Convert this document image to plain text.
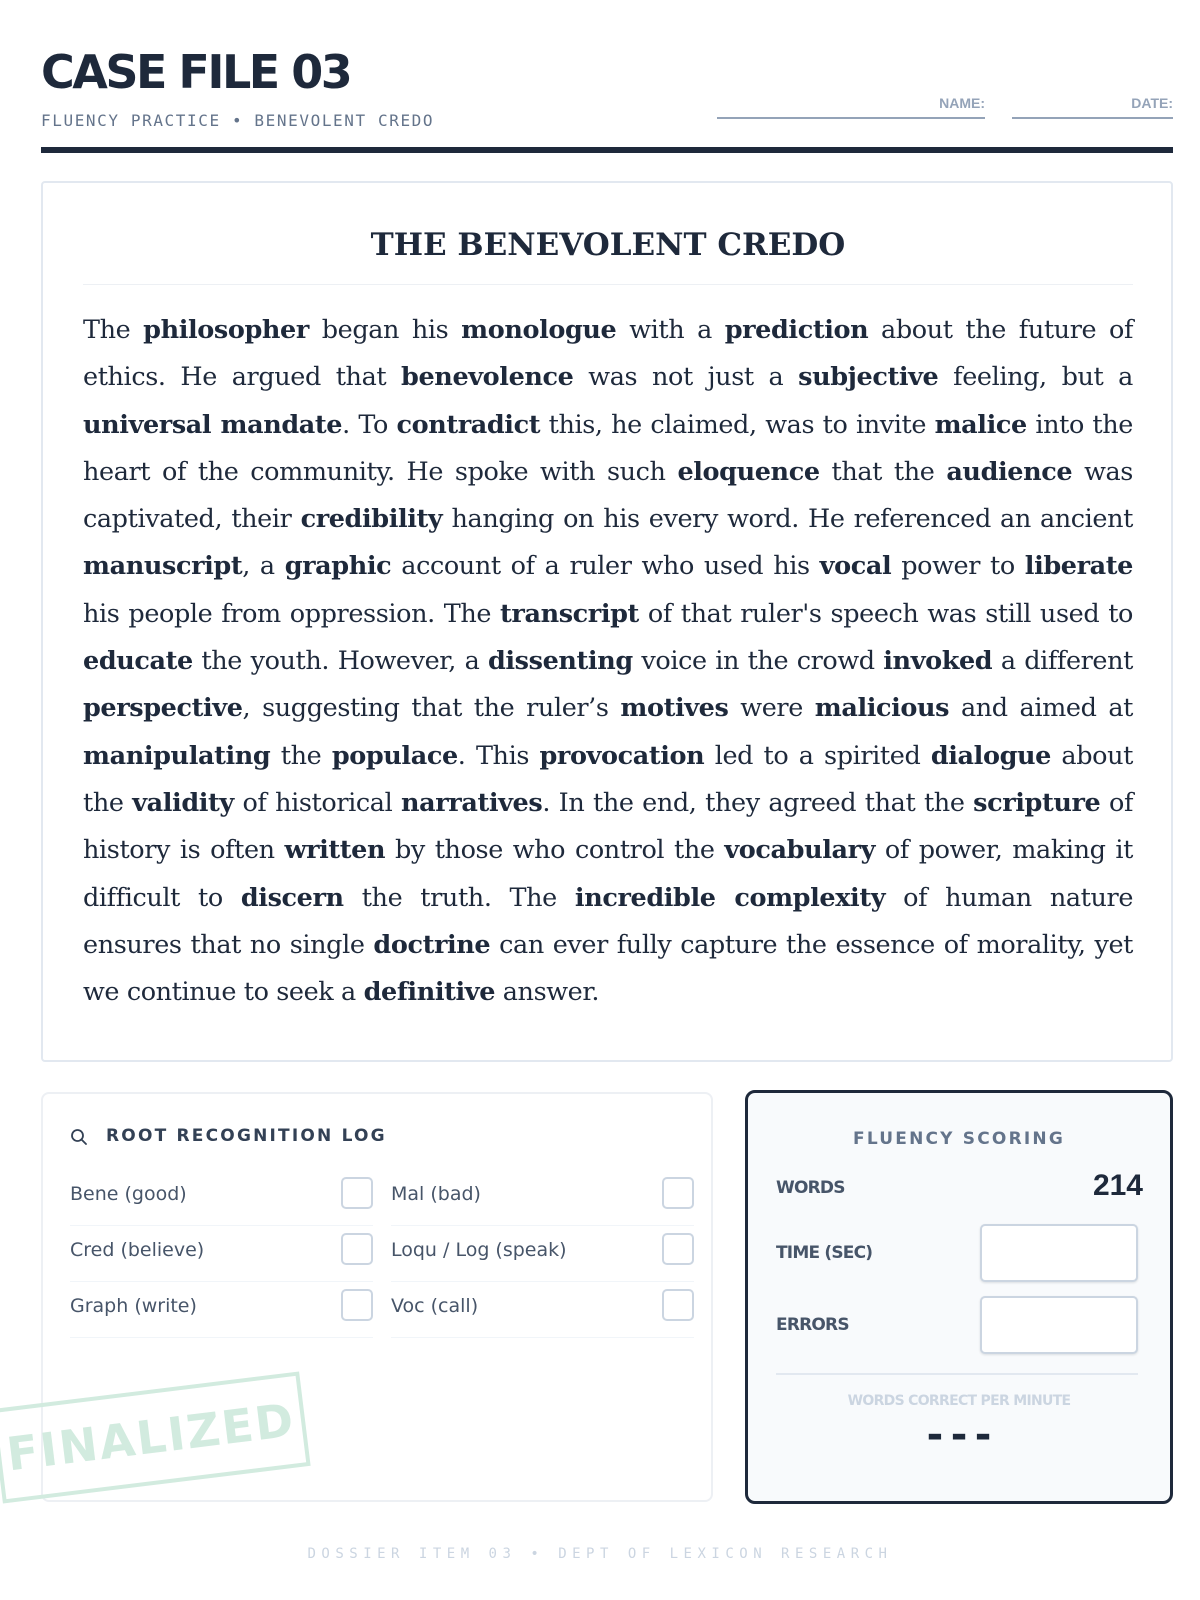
CASE FILE 03
FLUENCY PRACTICE • BENEVOLENT CREDO
NAME:	DATE:
THE BENEVOLENT CREDO

The philosopher began his monologue with a prediction about the future of ethics. He argued that benevolence was not just a subjective feeling, but a universal mandate. To contradict this, he claimed, was to invite malice into the heart of the community. He spoke with such eloquence that the audience was captivated, their credibility hanging on his every word. He referenced an ancient manuscript, a graphic account of a ruler who used his vocal power to liberate his people from oppression. The transcript of that ruler's speech was still used to educate the youth. However, a dissenting voice in the crowd invoked a different perspective, suggesting that the ruler’s motives were malicious and aimed at manipulating the populace. This provocation led to a spirited dialogue about the validity of historical narratives. In the end, they agreed that the scripture of history is often written by those who control the vocabulary of power, making it difficult to discern the truth. The incredible complexity of human nature ensures that no single doctrine can ever fully capture the essence of morality, yet we continue to seek a definitive answer.

ROOT RECOGNITION LOG
Bene (good)
Cred (believe)
Graph (write)
Mal (bad)
Loqu / Log (speak)
Voc (call)
FLUENCY SCORING
WORDS	214
TIME (SEC)
ERRORS
WORDS CORRECT PER MINUTE
---
FINALIZED
DOSSIER ITEM 03 • DEPT OF LEXICON RESEARCH
